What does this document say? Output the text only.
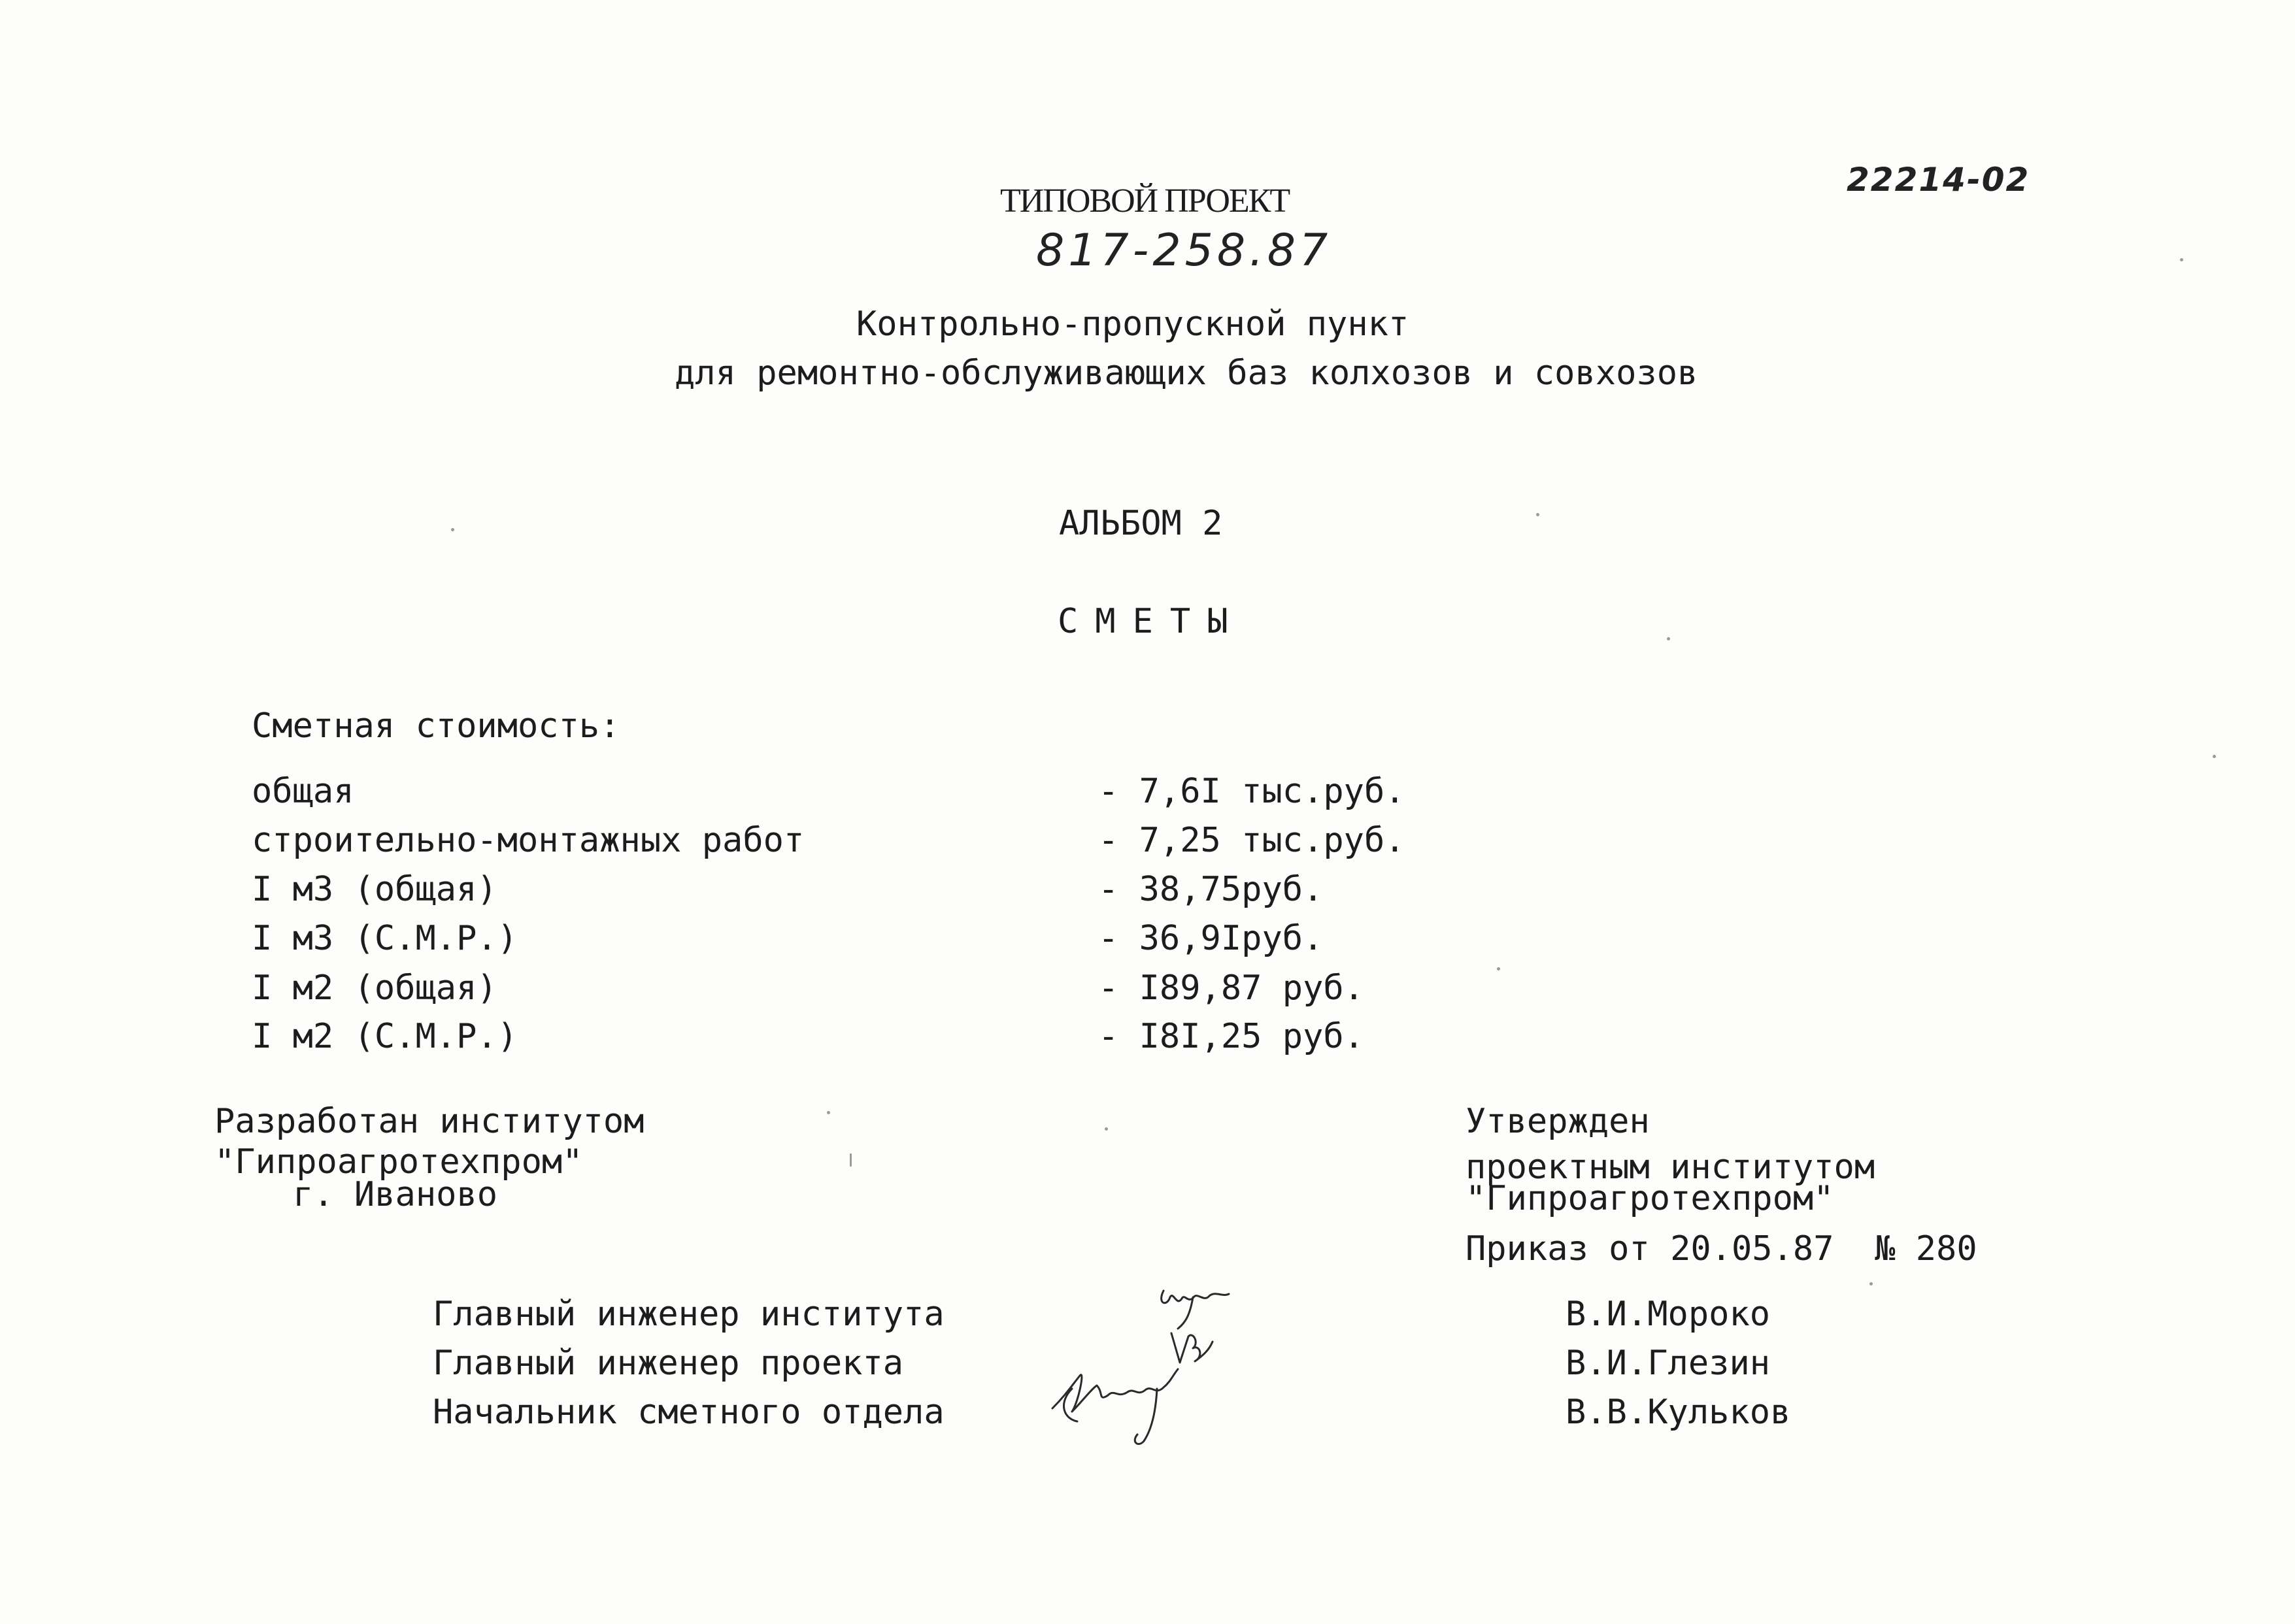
ТИПОВОЙ ПРОЕКТ
817-258.87
22214-02
Контрольно-пропускной пункт
для ремонтно-обслуживающих баз колхозов и совхозов
АЛЬБОМ 2
СМЕТЫ
Сметная стоимость:
общая	- 7,6I тыс.руб.
строительно-монтажных работ	- 7,25 тыс.руб.
I м3 (общая)	- 38,75руб.
I м3 (С.М.Р.)	- 36,9Iруб.
I м2 (общая)	- I89,87 руб.
I м2 (С.М.Р.)	- I8I,25 руб.
Разработан институтом
"Гипроагротехпром"
г. Иваново
Утвержден
проектным институтом
"Гипроагротехпром"
Приказ от 20.05.87  № 280
Главный инженер института	В.И.Мороко
Главный инженер проекта	В.И.Глезин
Начальник сметного отдела	В.В.Кульков
